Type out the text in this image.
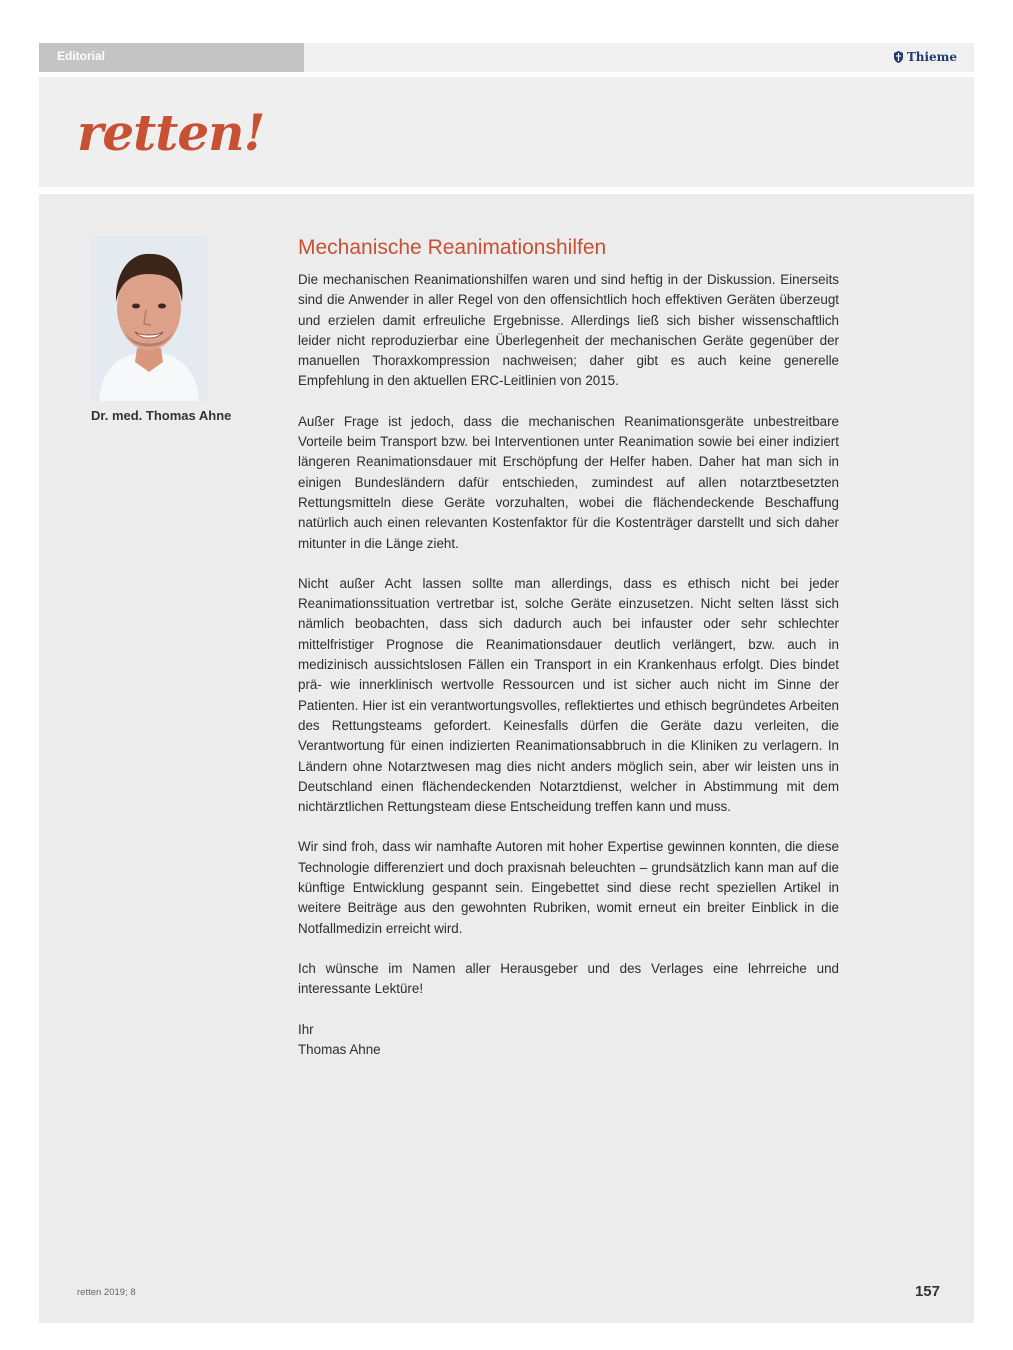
Editorial	Thieme
retten!
Dr. med. Thomas Ahne
Mechanische Reanimationshilfen

Die mechanischen Reanimationshilfen waren und sind heftig in der Diskussion. Einerseits sind die Anwender in aller Regel von den offensichtlich hoch effektiven Geräten überzeugt und erzielen damit erfreuliche Ergebnisse. Allerdings ließ sich bisher wissenschaftlich leider nicht reproduzierbar eine Überlegenheit der mechanischen Geräte gegenüber der manuellen Thoraxkompression nachweisen; daher gibt es auch keine generelle Empfehlung in den aktuellen ERC-Leitlinien von 2015.

Außer Frage ist jedoch, dass die mechanischen Reanimationsgeräte unbestreitbare Vorteile beim Transport bzw. bei Interventionen unter Reanimation sowie bei einer indiziert längeren Reanimationsdauer mit Erschöpfung der Helfer haben. Daher hat man sich in einigen Bundesländern dafür entschieden, zumindest auf allen notarztbesetzten Rettungsmitteln diese Geräte vorzuhalten, wobei die flächendeckende Beschaffung natürlich auch einen relevanten Kostenfaktor für die Kostenträger darstellt und sich daher mitunter in die Länge zieht.

Nicht außer Acht lassen sollte man allerdings, dass es ethisch nicht bei jeder Reanimationssituation vertretbar ist, solche Geräte einzusetzen. Nicht selten lässt sich nämlich beobachten, dass sich dadurch auch bei infauster oder sehr schlechter mittelfristiger Prognose die Reanimationsdauer deutlich verlängert, bzw. auch in medizinisch aussichtslosen Fällen ein Transport in ein Krankenhaus erfolgt. Dies bindet prä- wie innerklinisch wertvolle Ressourcen und ist sicher auch nicht im Sinne der Patienten. Hier ist ein verantwortungsvolles, reflektiertes und ethisch begründetes Arbeiten des Rettungsteams gefordert. Keinesfalls dürfen die Geräte dazu verleiten, die Verantwortung für einen indizierten Reanimationsabbruch in die Kliniken zu verlagern. In Ländern ohne Notarztwesen mag dies nicht anders möglich sein, aber wir leisten uns in Deutschland einen flächendeckenden Notarztdienst, welcher in Abstimmung mit dem nichtärztlichen Rettungsteam diese Entscheidung treffen kann und muss.

Wir sind froh, dass wir namhafte Autoren mit hoher Expertise gewinnen konnten, die diese Technologie differenziert und doch praxisnah beleuchten – grundsätzlich kann man auf die künftige Entwicklung gespannt sein. Eingebettet sind diese recht speziellen Artikel in weitere Beiträge aus den gewohnten Rubriken, womit erneut ein breiter Einblick in die Notfallmedizin erreicht wird.

Ich wünsche im Namen aller Herausgeber und des Verlages eine lehrreiche und interessante Lektüre!

Ihr
Thomas Ahne
retten 2019; 8	157
